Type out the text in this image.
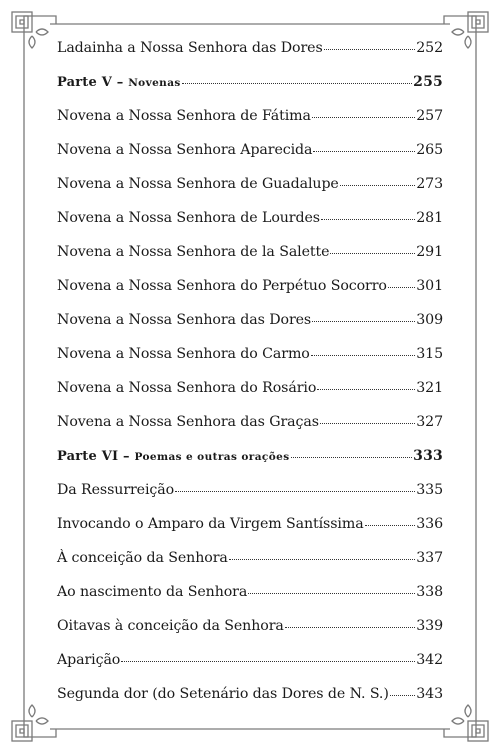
Ladainha a Nossa Senhora das Dores	252
Parte V – Novenas	255
Novena a Nossa Senhora de Fátima	257
Novena a Nossa Senhora Aparecida	265
Novena a Nossa Senhora de Guadalupe	273
Novena a Nossa Senhora de Lourdes	281
Novena a Nossa Senhora de la Salette	291
Novena a Nossa Senhora do Perpétuo Socorro 301
Novena a Nossa Senhora das Dores	309
Novena a Nossa Senhora do Carmo	315
Novena a Nossa Senhora do Rosário	321
Novena a Nossa Senhora das Graças	327
Parte VI – Poemas e outras orações	333
Da Ressurreição	335
Invocando o Amparo da Virgem Santíssima	336
À conceição da Senhora	337
Ao nascimento da Senhora	338
Oitavas à conceição da Senhora	339
Aparição	342
Segunda dor (do Setenário das Dores de N. S.) 343
